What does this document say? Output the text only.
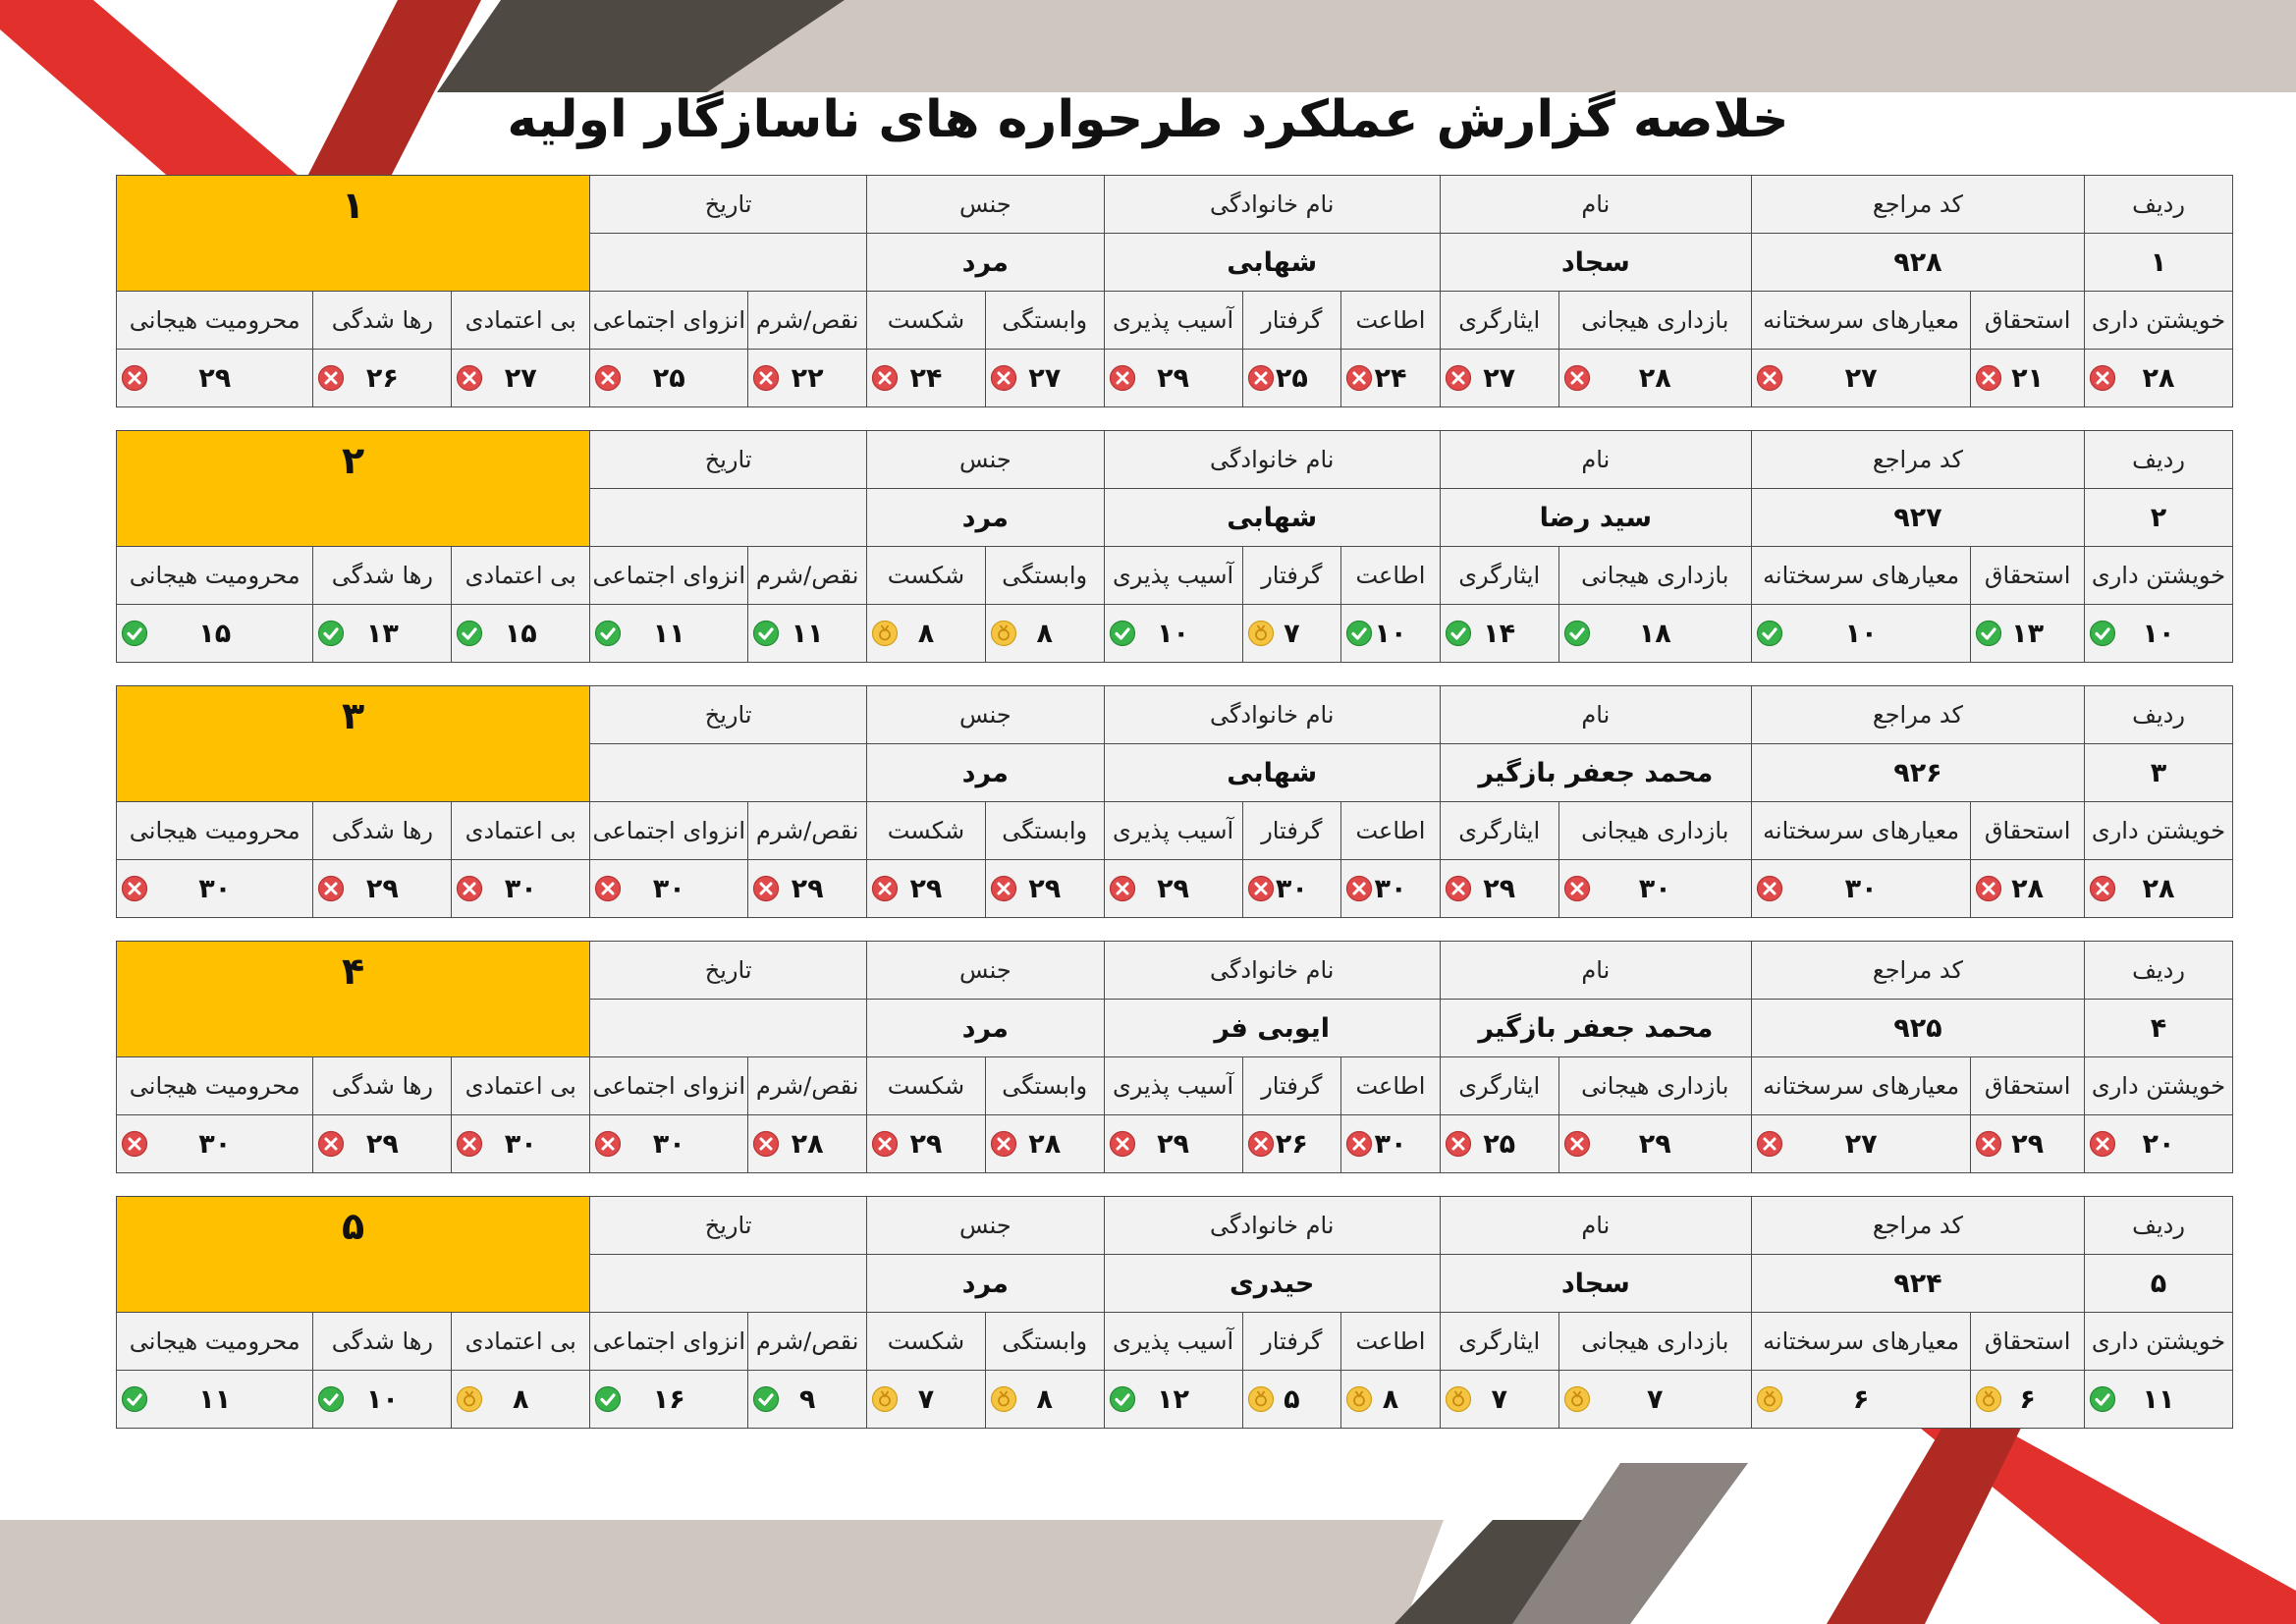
خلاصه گزارش عملکرد طرحواره های ناسازگار اولیه
ردیف	کد مراجع		نام		نام خانوادگی			جنس		تاریخ		۱		
۱	۹۲۸		سجاد		شهابی			مرد						
خویشتن داری	استحقاق	معیارهای سرسختانه	بازداری هیجانی	ایثارگری	اطاعت	گرفتار	آسیب پذیری	وابستگی	شکست	نقص/شرم	انزوای اجتماعی	بی اعتمادی	رها شدگی	محرومیت هیجانی
۲۸	۲۱	۲۷	۲۸	۲۷	۲۴	۲۵	۲۹	۲۷	۲۴	۲۲	۲۵	۲۷	۲۶	۲۹
ردیف	کد مراجع		نام		نام خانوادگی			جنس		تاریخ		۲		
۲	۹۲۷		سید رضا		شهابی			مرد						
خویشتن داری	استحقاق	معیارهای سرسختانه	بازداری هیجانی	ایثارگری	اطاعت	گرفتار	آسیب پذیری	وابستگی	شکست	نقص/شرم	انزوای اجتماعی	بی اعتمادی	رها شدگی	محرومیت هیجانی
۱۰	۱۳	۱۰	۱۸	۱۴	۱۰	۷	۱۰	۸	۸	۱۱	۱۱	۱۵	۱۳	۱۵
ردیف	کد مراجع		نام		نام خانوادگی			جنس		تاریخ		۳		
۳	۹۲۶		محمد جعفر بازگیر		شهابی			مرد						
خویشتن داری	استحقاق	معیارهای سرسختانه	بازداری هیجانی	ایثارگری	اطاعت	گرفتار	آسیب پذیری	وابستگی	شکست	نقص/شرم	انزوای اجتماعی	بی اعتمادی	رها شدگی	محرومیت هیجانی
۲۸	۲۸	۳۰	۳۰	۲۹	۳۰	۳۰	۲۹	۲۹	۲۹	۲۹	۳۰	۳۰	۲۹	۳۰
ردیف	کد مراجع		نام		نام خانوادگی			جنس		تاریخ		۴		
۴	۹۲۵		محمد جعفر بازگیر		ایوبی فر			مرد						
خویشتن داری	استحقاق	معیارهای سرسختانه	بازداری هیجانی	ایثارگری	اطاعت	گرفتار	آسیب پذیری	وابستگی	شکست	نقص/شرم	انزوای اجتماعی	بی اعتمادی	رها شدگی	محرومیت هیجانی
۲۰	۲۹	۲۷	۲۹	۲۵	۳۰	۲۶	۲۹	۲۸	۲۹	۲۸	۳۰	۳۰	۲۹	۳۰
ردیف	کد مراجع		نام		نام خانوادگی			جنس		تاریخ		۵		
۵	۹۲۴		سجاد		حیدری			مرد						
خویشتن داری	استحقاق	معیارهای سرسختانه	بازداری هیجانی	ایثارگری	اطاعت	گرفتار	آسیب پذیری	وابستگی	شکست	نقص/شرم	انزوای اجتماعی	بی اعتمادی	رها شدگی	محرومیت هیجانی
۱۱	۶	۶	۷	۷	۸	۵	۱۲	۸	۷	۹	۱۶	۸	۱۰	۱۱
